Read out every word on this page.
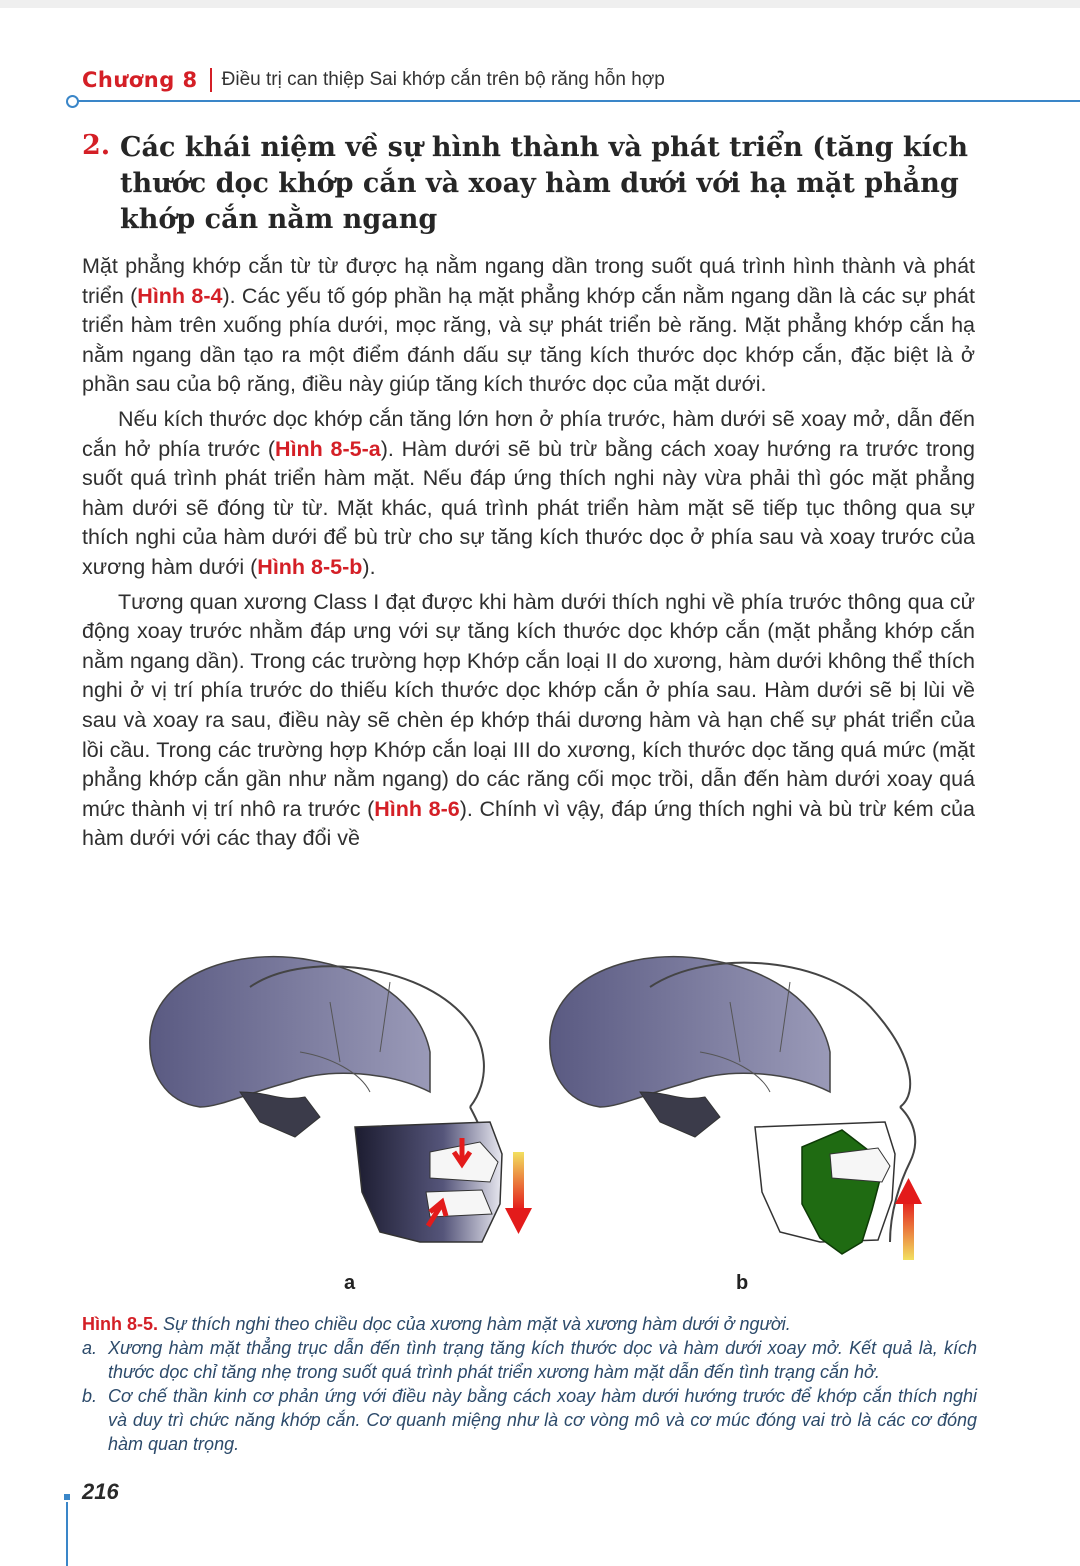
Chương 8 Điều trị can thiệp Sai khớp cắn trên bộ răng hỗn hợp
2. Các khái niệm về sự hình thành và phát triển (tăng kích thước dọc khớp cắn và xoay hàm dưới với hạ mặt phẳng khớp cắn nằm ngang

Mặt phẳng khớp cắn từ từ được hạ nằm ngang dần trong suốt quá trình hình thành và phát triển (Hình 8-4). Các yếu tố góp phần hạ mặt phẳng khớp cắn nằm ngang dần là các sự phát triển hàm trên xuống phía dưới, mọc răng, và sự phát triển bè răng. Mặt phẳng khớp cắn hạ nằm ngang dần tạo ra một điểm đánh dấu sự tăng kích thước dọc khớp cắn, đặc biệt là ở phần sau của bộ răng, điều này giúp tăng kích thước dọc của mặt dưới.

Nếu kích thước dọc khớp cắn tăng lớn hơn ở phía trước, hàm dưới sẽ xoay mở, dẫn đến cắn hở phía trước (Hình 8-5-a). Hàm dưới sẽ bù trừ bằng cách xoay hướng ra trước trong suốt quá trình phát triển hàm mặt. Nếu đáp ứng thích nghi này vừa phải thì góc mặt phẳng hàm dưới sẽ đóng từ từ. Mặt khác, quá trình phát triển hàm mặt sẽ tiếp tục thông qua sự thích nghi của hàm dưới để bù trừ cho sự tăng kích thước dọc ở phía sau và xoay trước của xương hàm dưới (Hình 8-5-b).

Tương quan xương Class I đạt được khi hàm dưới thích nghi về phía trước thông qua cử động xoay trước nhằm đáp ưng với sự tăng kích thước dọc khớp cắn (mặt phẳng khớp cắn nằm ngang dần). Trong các trường hợp Khớp cắn loại II do xương, hàm dưới không thể thích nghi ở vị trí phía trước do thiếu kích thước dọc khớp cắn ở phía sau. Hàm dưới sẽ bị lùi về sau và xoay ra sau, điều này sẽ chèn ép khớp thái dương hàm và hạn chế sự phát triển của lồi cầu. Trong các trường hợp Khớp cắn loại III do xương, kích thước dọc tăng quá mức (mặt phẳng khớp cắn gần như nằm ngang) do các răng cối mọc trồi, dẫn đến hàm dưới xoay quá mức thành vị trí nhô ra trước (Hình 8-6). Chính vì vậy, đáp ứng thích nghi và bù trừ kém của hàm dưới với các thay đổi về

a	b

Hình 8-5. Sự thích nghi theo chiều dọc của xương hàm mặt và xương hàm dưới ở người.

a. Xương hàm mặt thẳng trục dẫn đến tình trạng tăng kích thước dọc và hàm dưới xoay mở. Kết quả là, kích thước dọc chỉ tăng nhẹ trong suốt quá trình phát triển xương hàm mặt dẫn đến tình trạng cắn hở.
b. Cơ chế thần kinh cơ phản ứng với điều này bằng cách xoay hàm dưới hướng trước để khớp cắn thích nghi và duy trì chức năng khớp cắn. Cơ quanh miệng như là cơ vòng mô và cơ múc đóng vai trò là các cơ đóng hàm quan trọng.
216
